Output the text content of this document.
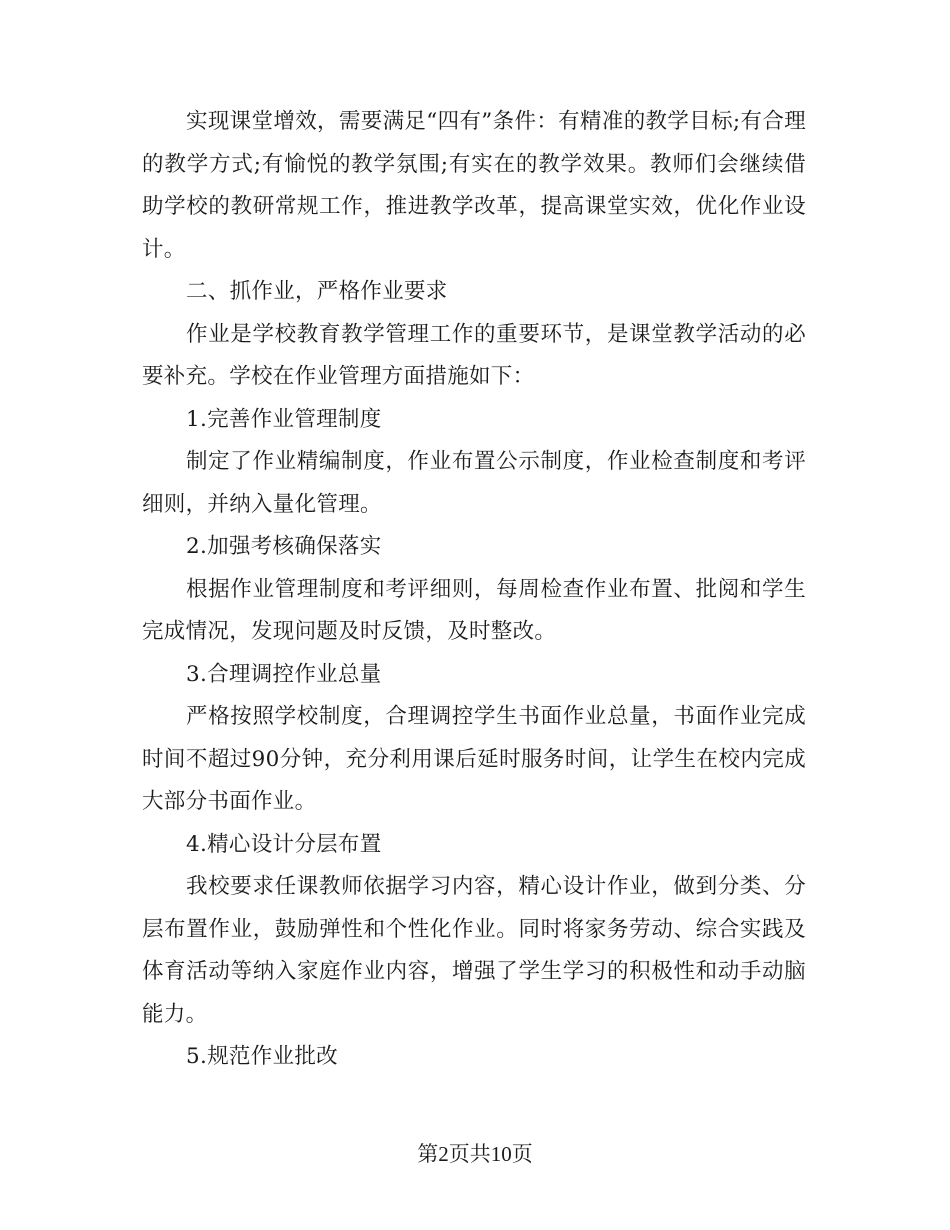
实现课堂增效，需要满足“四有”条件：有精准的教学目标;有合理的教学方式;有愉悦的教学氛围;有实在的教学效果。教师们会继续借助学校的教研常规工作，推进教学改革，提高课堂实效，优化作业设计。

二、抓作业，严格作业要求

作业是学校教育教学管理工作的重要环节，是课堂教学活动的必要补充。学校在作业管理方面措施如下：

1.完善作业管理制度

制定了作业精编制度，作业布置公示制度，作业检查制度和考评细则，并纳入量化管理。

2.加强考核确保落实

根据作业管理制度和考评细则，每周检查作业布置、批阅和学生完成情况，发现问题及时反馈，及时整改。

3.合理调控作业总量

严格按照学校制度，合理调控学生书面作业总量，书面作业完成时间不超过90分钟，充分利用课后延时服务时间，让学生在校内完成大部分书面作业。

4.精心设计分层布置

我校要求任课教师依据学习内容，精心设计作业，做到分类、分层布置作业，鼓励弹性和个性化作业。同时将家务劳动、综合实践及体育活动等纳入家庭作业内容，增强了学生学习的积极性和动手动脑能力。

5.规范作业批改

第2页共10页
